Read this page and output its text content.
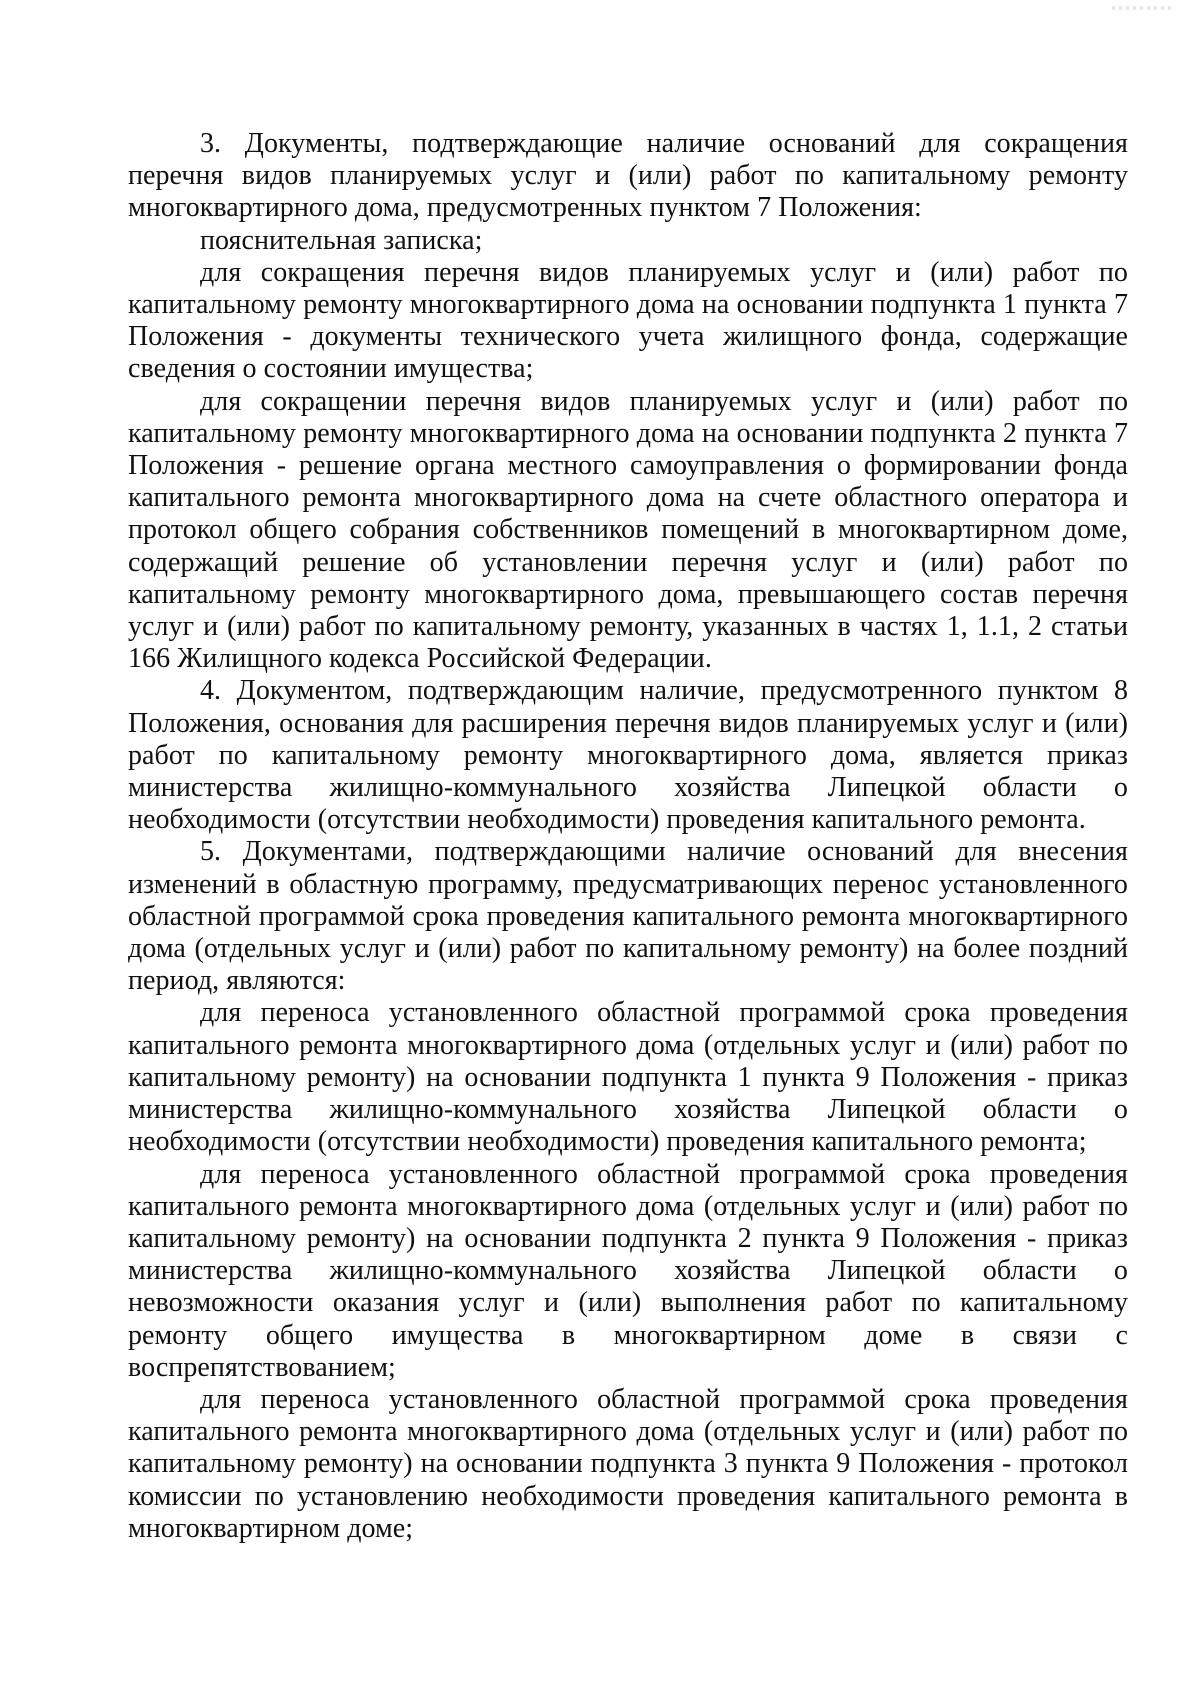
3. Документы, подтверждающие наличие оснований для сокращения перечня видов планируемых услуг и (или) работ по капитальному ремонту многоквартирного дома, предусмотренных пунктом 7 Положения:

пояснительная записка;

для сокращения перечня видов планируемых услуг и (или) работ по капитальному ремонту многоквартирного дома на основании подпункта 1 пункта 7 Положения - документы технического учета жилищного фонда, содержащие сведения о состоянии имущества;

для сокращении перечня видов планируемых услуг и (или) работ по капитальному ремонту многоквартирного дома на основании подпункта 2 пункта 7 Положения - решение органа местного самоуправления о формировании фонда капитального ремонта многоквартирного дома на счете областного оператора и протокол общего собрания собственников помещений в многоквартирном доме, содержащий решение об установлении перечня услуг и (или) работ по капитальному ремонту многоквартирного дома, превышающего состав перечня услуг и (или) работ по капитальному ремонту, указанных в частях 1, 1.1, 2 статьи 166 Жилищного кодекса Российской Федерации.

4. Документом, подтверждающим наличие, предусмотренного пунктом 8 Положения, основания для расширения перечня видов планируемых услуг и (или) работ по капитальному ремонту многоквартирного дома, является приказ министерства жилищно-коммунального хозяйства Липецкой области о необходимости (отсутствии необходимости) проведения капитального ремонта.

5. Документами, подтверждающими наличие оснований для внесения изменений в областную программу, предусматривающих перенос установленного областной программой срока проведения капитального ремонта многоквартирного дома (отдельных услуг и (или) работ по капитальному ремонту) на более поздний период, являются:

для переноса установленного областной программой срока проведения капитального ремонта многоквартирного дома (отдельных услуг и (или) работ по капитальному ремонту) на основании подпункта 1 пункта 9 Положения - приказ министерства жилищно-коммунального хозяйства Липецкой области о необходимости (отсутствии необходимости) проведения капитального ремонта;

для переноса установленного областной программой срока проведения капитального ремонта многоквартирного дома (отдельных услуг и (или) работ по капитальному ремонту) на основании подпункта 2 пункта 9 Положения - приказ министерства жилищно-коммунального хозяйства Липецкой области о невозможности оказания услуг и (или) выполнения работ по капитальному ремонту общего имущества в многоквартирном доме в связи с воспрепятствованием;

для переноса установленного областной программой срока проведения капитального ремонта многоквартирного дома (отдельных услуг и (или) работ по капитальному ремонту) на основании подпункта 3 пункта 9 Положения - протокол комиссии по установлению необходимости проведения капитального ремонта в многоквартирном доме;
